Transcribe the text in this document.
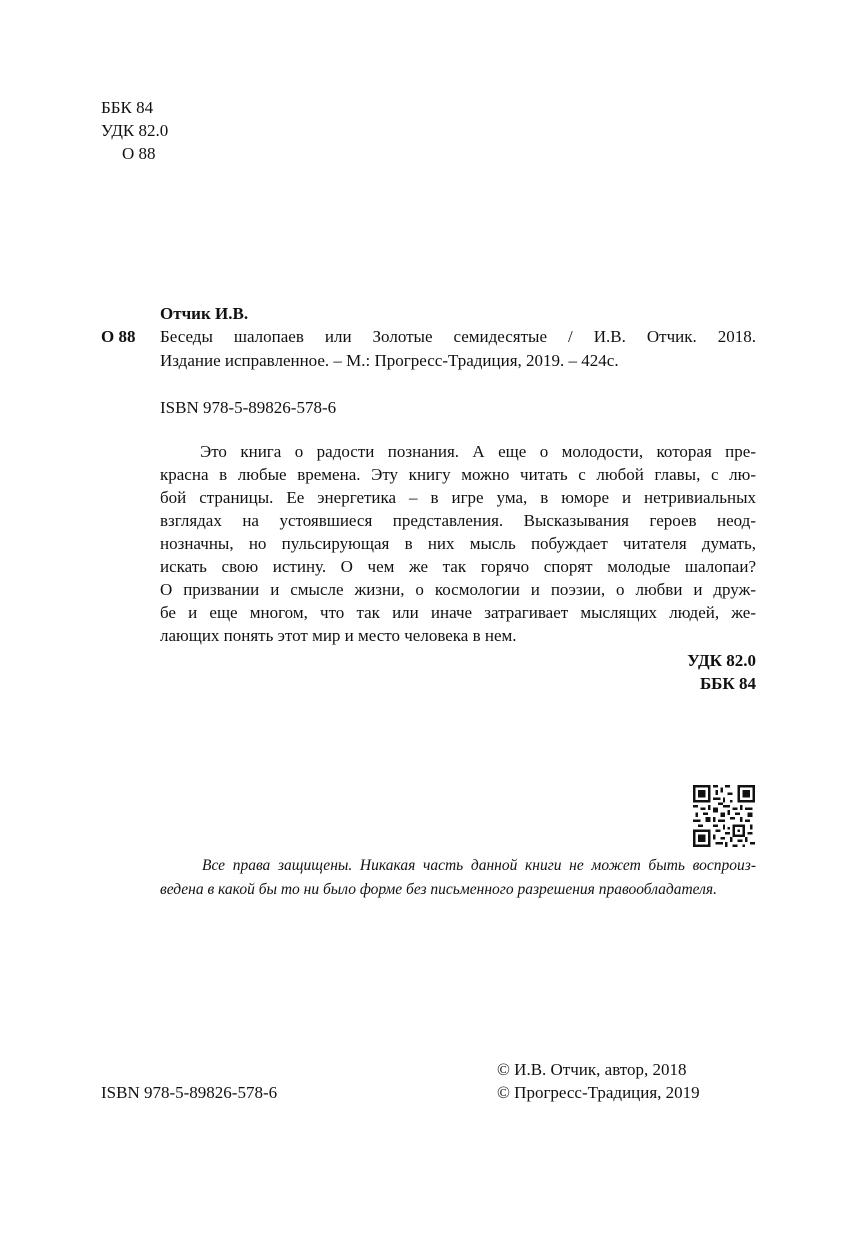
ББК 84
УДК 82.0
О 88
Отчик И.В.
О 88 Беседы шалопаев или Золотые семидесятые / И.В. Отчик. 2018.

Издание исправленное. – М.: Прогресс-Традиция, 2019. – 424с.

ISBN 978-5-89826-578-6
Это книга о радости познания. А еще о молодости, которая пре-
красна в любые времена. Эту книгу можно читать с любой главы, с лю-
бой страницы. Ее энергетика – в игре ума, в юморе и нетривиальных
взглядах на устоявшиеся представления. Высказывания героев неод-
нозначны, но пульсирующая в них мысль побуждает читателя думать,
искать свою истину. О чем же так горячо спорят молодые шалопаи?
О призвании и смысле жизни, о космологии и поэзии, о любви и друж-
бе и еще многом, что так или иначе затрагивает мыслящих людей, же-
лающих понять этот мир и место человека в нем.
УДК 82.0
ББК 84
Все права защищены. Никакая часть данной книги не может быть воспроиз-
ведена в какой бы то ни было форме без письменного разрешения правообладателя.
ISBN 978-5-89826-578-6
© И.В. Отчик, автор, 2018
© Прогресс-Традиция, 2019
